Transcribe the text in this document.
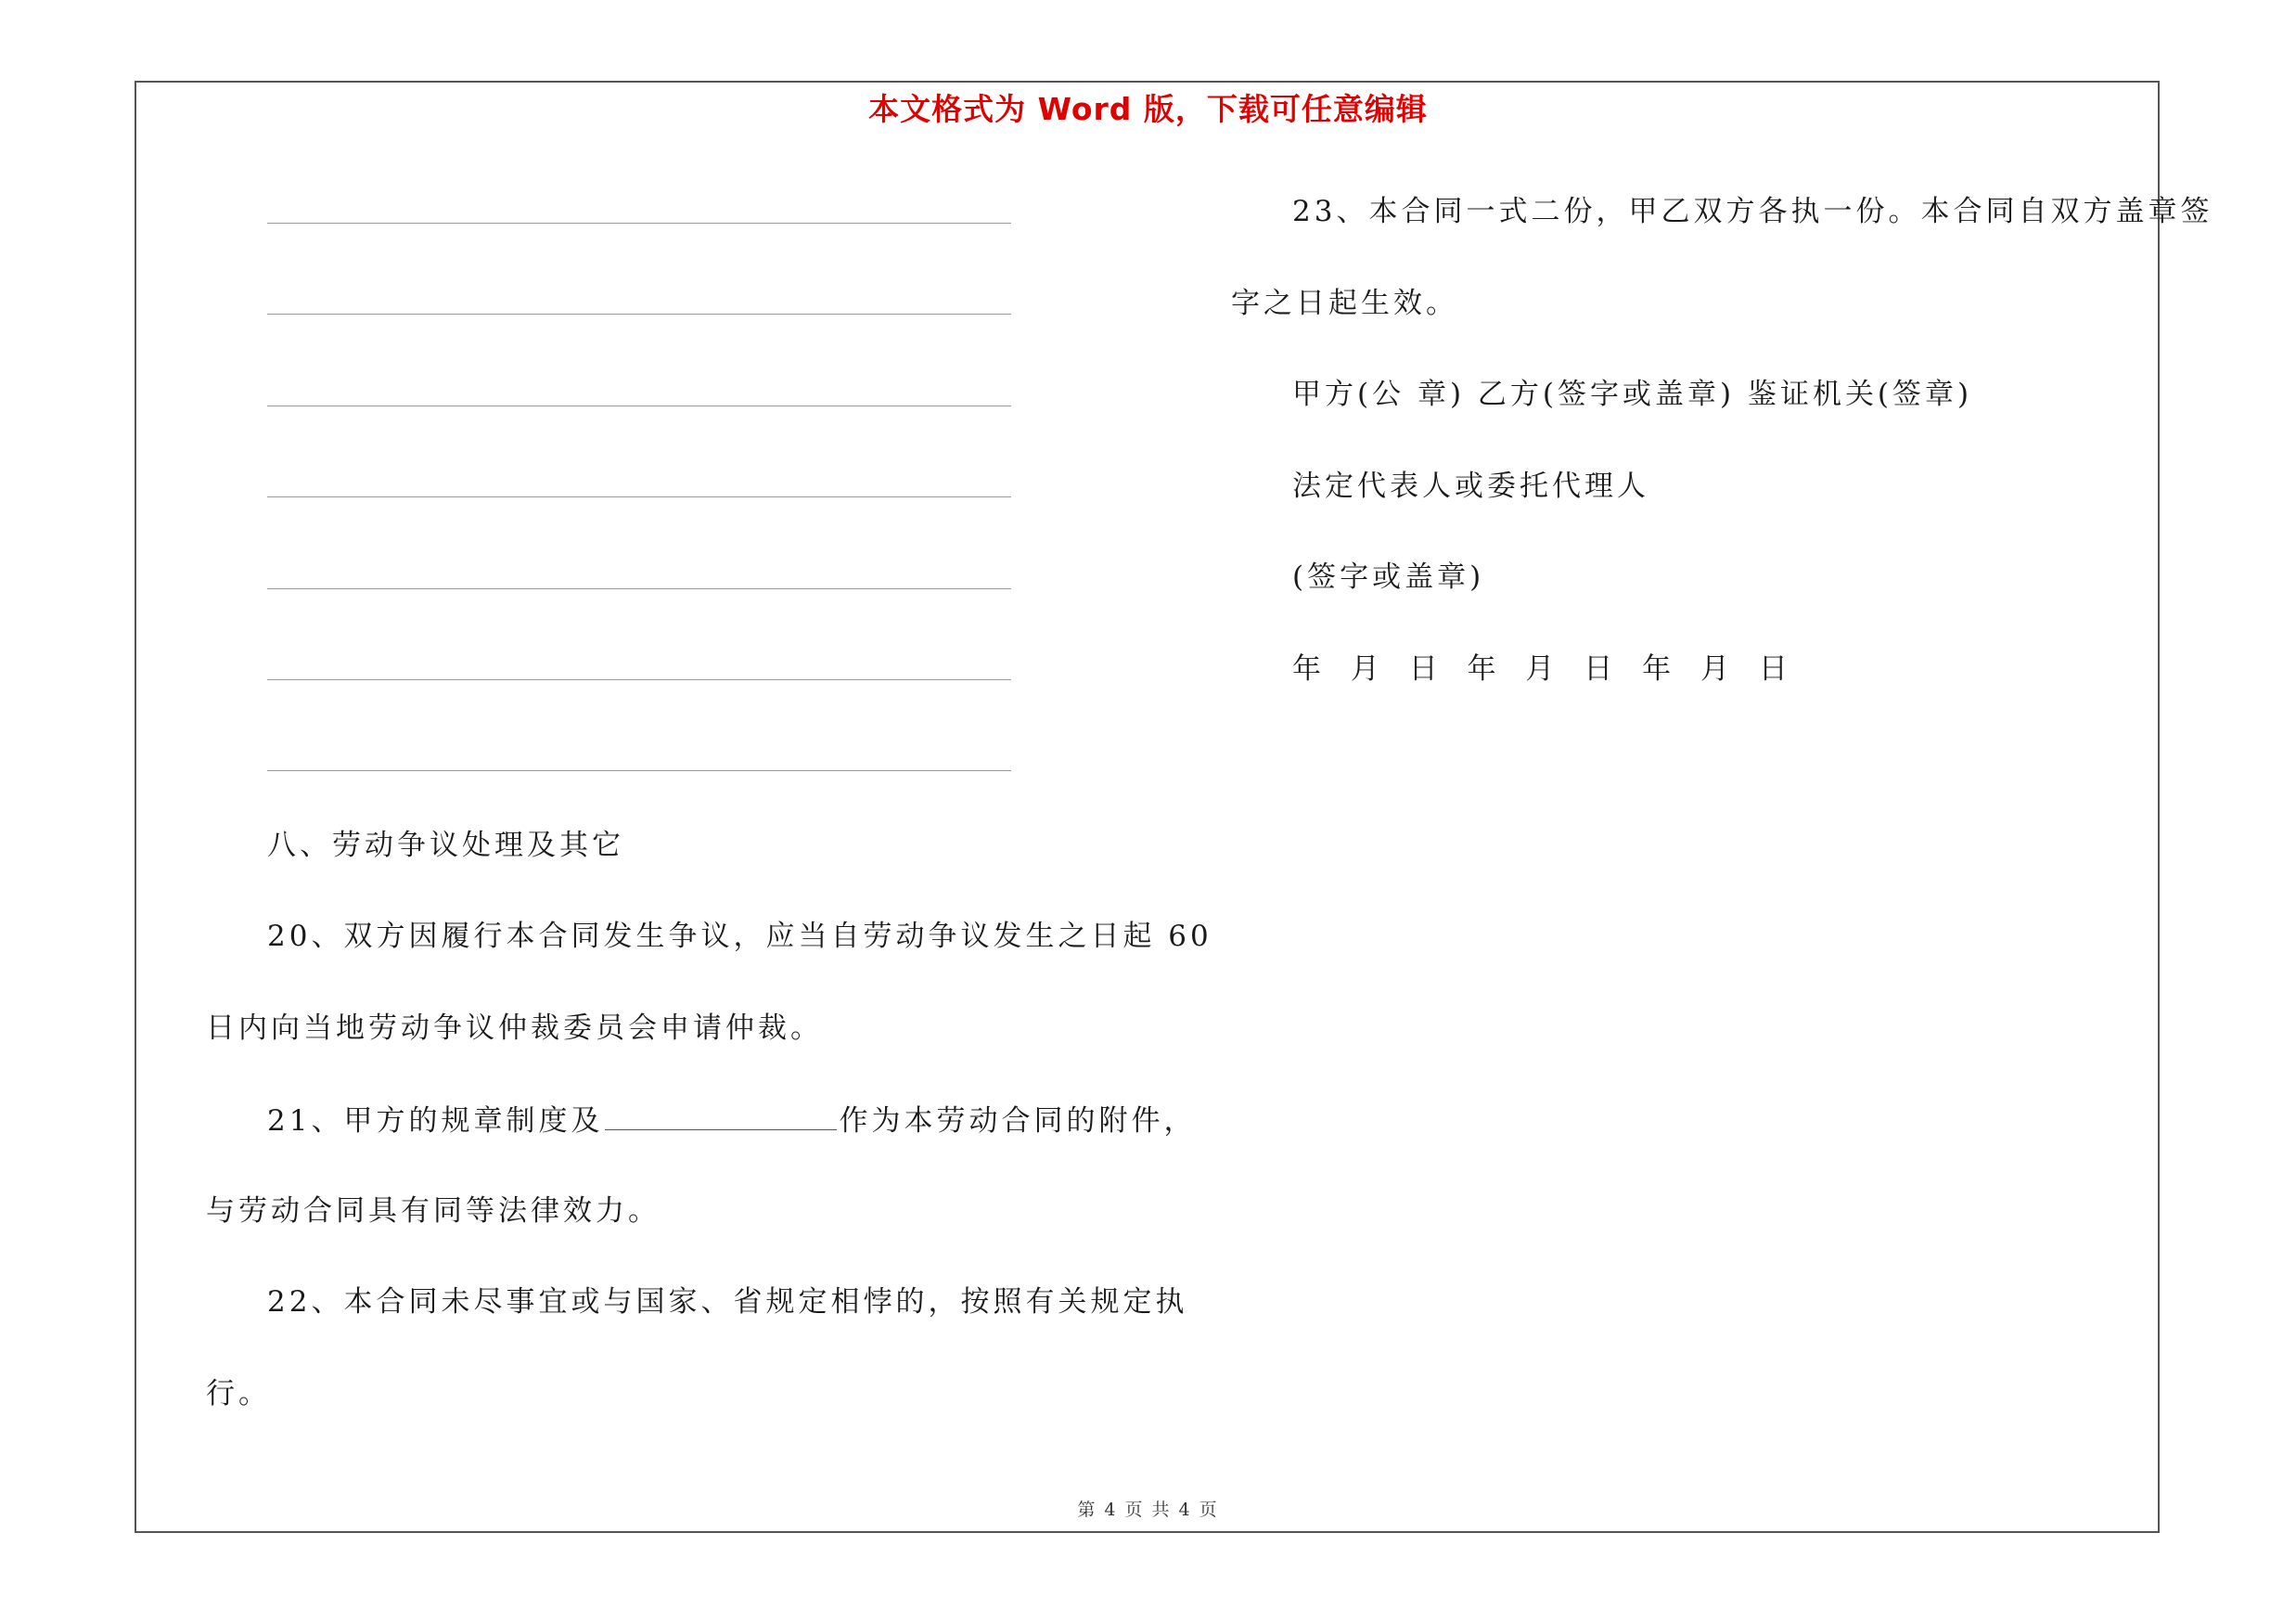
本文格式为 Word 版，下载可任意编辑
八、劳动争议处理及其它
20、双方因履行本合同发生争议，应当自劳动争议发生之日起 60
日内向当地劳动争议仲裁委员会申请仲裁。
21、甲方的规章制度及	作为本劳动合同的附件，
与劳动合同具有同等法律效力。
22、本合同未尽事宜或与国家、省规定相悖的，按照有关规定执
行。
23、本合同一式二份，甲乙双方各执一份。本合同自双方盖章签
字之日起生效。
甲方(公 章) 乙方(签字或盖章) 鉴证机关(签章)
法定代表人或委托代理人
(签字或盖章)
年 月 日 年 月 日 年 月 日
第 4 页 共 4 页
